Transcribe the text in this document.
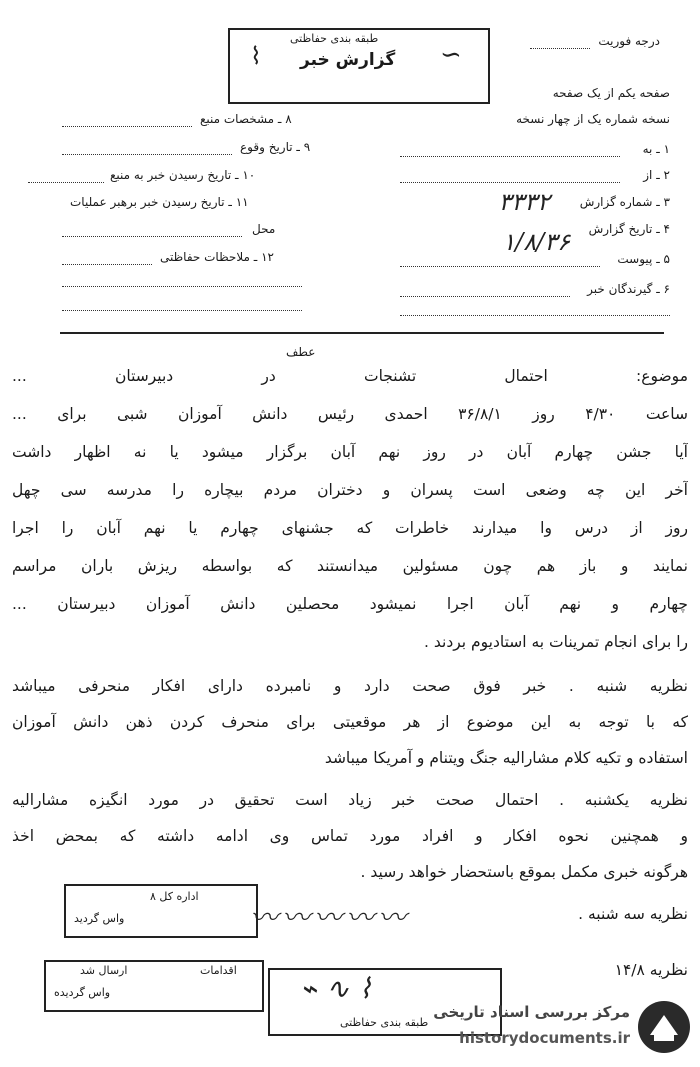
طبقه بندی حفاظتی
گزارش خبر
⌇	∽	درجه فوریت
صفحه یکم از یک صفحه
نسخه شماره یک از چهار نسخه
۱ ـ به
۲ ـ از
۳ ـ شماره گزارش
۳۳۳۲
۴ ـ تاریخ گزارش
۱/۸/۳۶
۵ ـ پیوست
۶ ـ گیرندگان خبر
۸ ـ مشخصات منبع
۹ ـ تاریخ وقوع
۱۰ ـ تاریخ رسیدن خبر به منبع
۱۱ ـ تاریخ رسیدن خبر برهبر عملیات
محل
۱۲ ـ ملاحظات حفاظتی
عطف
موضوع: احتمال تشنجات در دبیرستان ...
ساعت ۴/۳۰ روز ۳۶/۸/۱ احمدی رئیس دانش آموزان شبی برای ...
آیا جشن چهارم آبان در روز نهم آبان برگزار میشود یا نه اظهار داشت
آخر این چه وضعی است پسران و دختران مردم بیچاره را مدرسه سی چهل
روز از درس وا میدارند خاطرات که جشنهای چهارم یا نهم آبان را اجرا
نمایند و باز هم چون مسئولین میدانستند که بواسطه ریزش باران مراسم
چهارم و نهم آبان اجرا نمیشود محصلین دانش آموزان دبیرستان ...
را برای انجام تمرینات به استادیوم بردند .
نظریه شنبه . خبر فوق صحت دارد و نامبرده دارای افکار منحرفی میباشد
که با توجه به این موضوع از هر موقعیتی برای منحرف کردن ذهن دانش آموزان
استفاده و تکیه کلام مشارالیه جنگ ویتنام و آمریکا میباشد
نظریه یکشنبه . احتمال صحت خبر زیاد است تحقیق در مورد انگیزه مشارالیه
و همچنین نحوه افکار و افراد مورد تماس وی ادامه داشته که بمحض اخذ
هرگونه خبری مکمل بموقع باستحضار خواهد رسید .
نظریه سه شنبه .
نظریه ۱۴/۸
〰〰〰〰〰
اداره کل ۸
واس گردید
اقدامات
ارسال شد
واس گردیده	⌁ ∿ ⌇
طبقه بندی حفاظتی
مرکز بررسی اسناد تاریخی
historydocuments.ir
